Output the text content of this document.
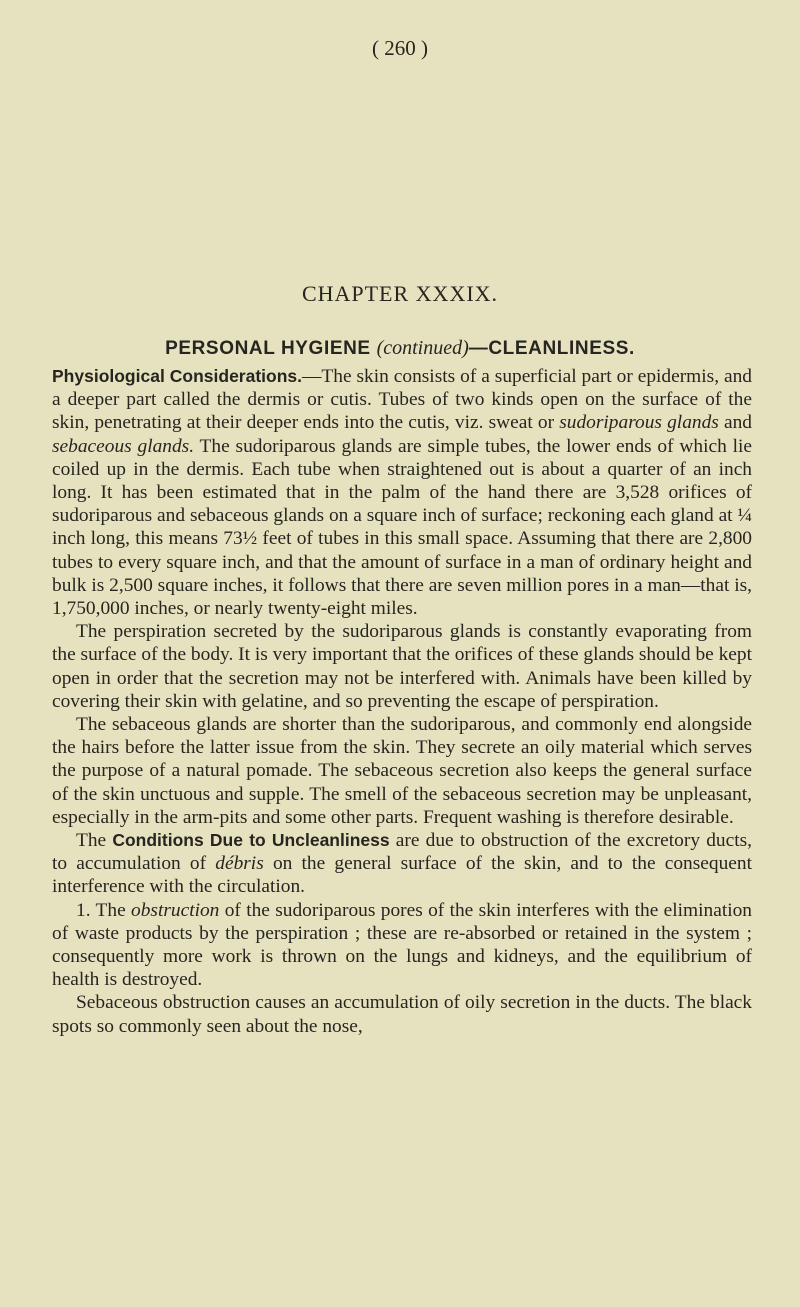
( 260 )
CHAPTER XXXIX.
PERSONAL HYGIENE (continued)—CLEANLINESS.

Physiological Considerations.—The skin consists of a superficial part or epidermis, and a deeper part called the dermis or cutis. Tubes of two kinds open on the surface of the skin, penetrating at their deeper ends into the cutis, viz. sweat or sudoriparous glands and sebaceous glands. The sudoriparous glands are simple tubes, the lower ends of which lie coiled up in the dermis. Each tube when straightened out is about a quarter of an inch long. It has been estimated that in the palm of the hand there are 3,528 orifices of sudoriparous and sebaceous glands on a square inch of surface; reckoning each gland at ¼ inch long, this means 73½ feet of tubes in this small space. Assuming that there are 2,800 tubes to every square inch, and that the amount of surface in a man of ordinary height and bulk is 2,500 square inches, it follows that there are seven million pores in a man—that is, 1,750,000 inches, or nearly twenty-eight miles.

The perspiration secreted by the sudoriparous glands is constantly evaporating from the surface of the body. It is very important that the orifices of these glands should be kept open in order that the secretion may not be interfered with. Animals have been killed by covering their skin with gelatine, and so preventing the escape of perspiration.

The sebaceous glands are shorter than the sudoriparous, and commonly end alongside the hairs before the latter issue from the skin. They secrete an oily material which serves the purpose of a natural pomade. The sebaceous secretion also keeps the general surface of the skin unctuous and supple. The smell of the sebaceous secretion may be unpleasant, especially in the arm-pits and some other parts. Frequent washing is therefore desirable.

The Conditions Due to Uncleanliness are due to obstruction of the excretory ducts, to accumulation of débris on the general surface of the skin, and to the consequent interference with the circulation.

1. The obstruction of the sudoriparous pores of the skin interferes with the elimination of waste products by the perspiration ; these are re-absorbed or retained in the system ; consequently more work is thrown on the lungs and kidneys, and the equilibrium of health is destroyed.

Sebaceous obstruction causes an accumulation of oily secretion in the ducts. The black spots so commonly seen about the nose,
